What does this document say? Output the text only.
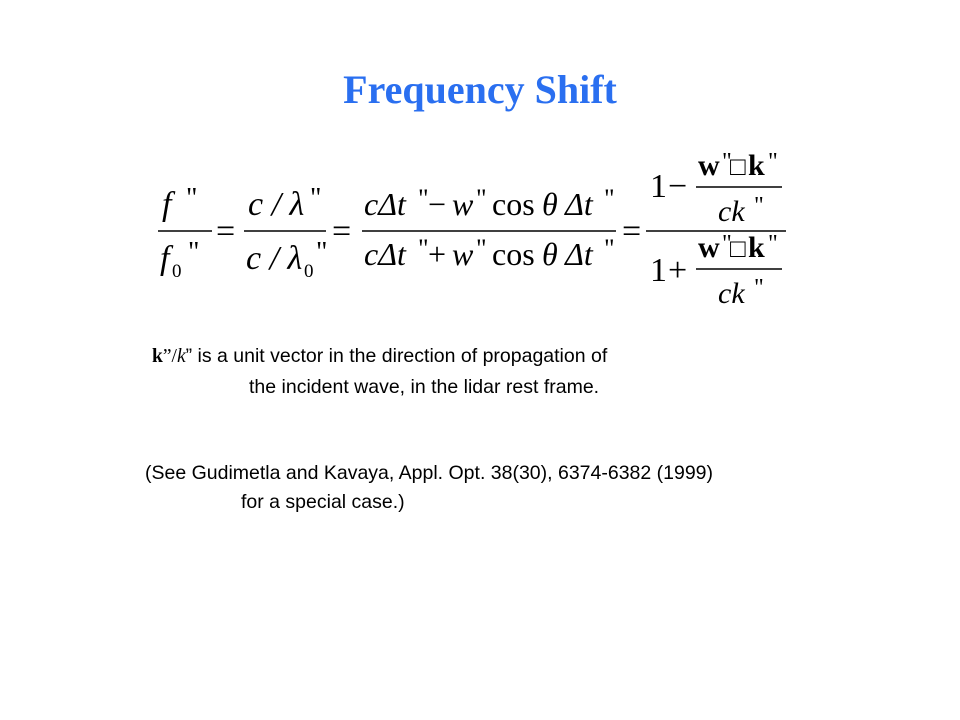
Frequency Shift
f "
f 0
"
=
c / λ "
c / λ 0
"
=
cΔt " − w " cos θ Δt "
cΔt " + w " cos θ Δt " =
1 −
w "
□ k "
ck "
1 +
w "
□ k "
ck "

k”/k” is a unit vector in the direction of propagation of

the incident wave, in the lidar rest frame.

(See Gudimetla and Kavaya, Appl. Opt. 38(30), 6374-6382 (1999)

for a special case.)
